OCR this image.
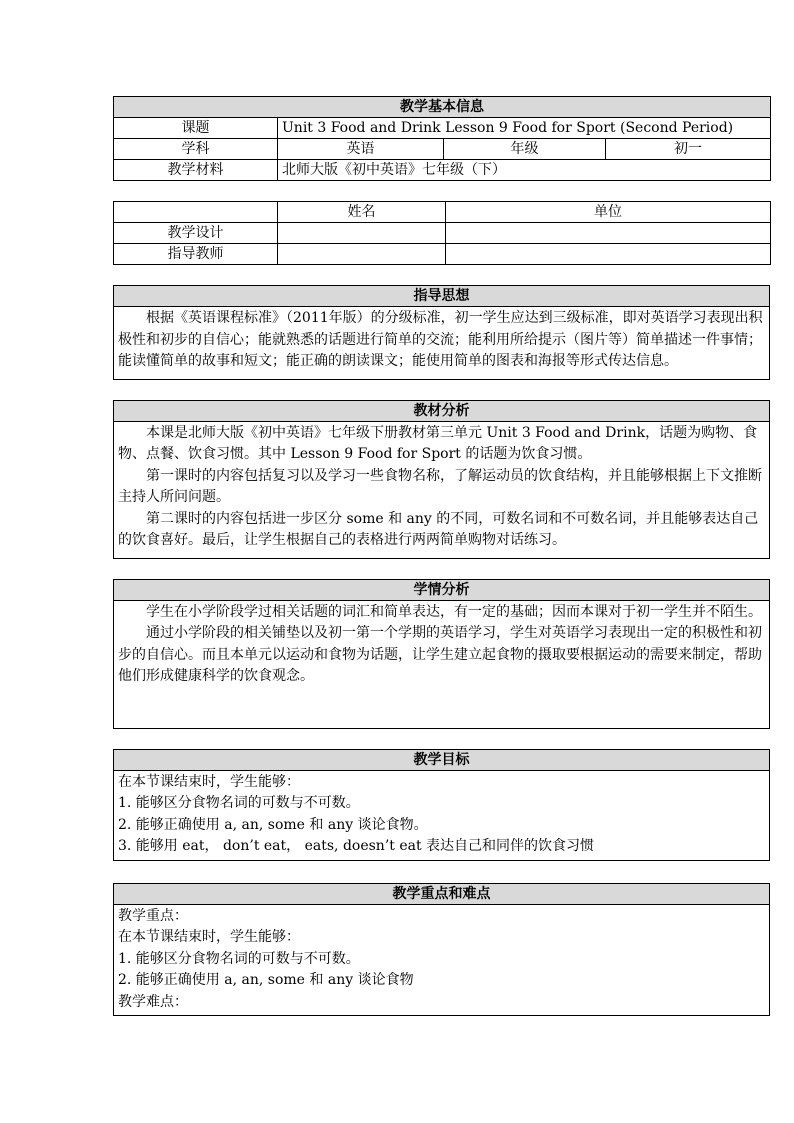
教学基本信息			
课题	Unit 3 Food and Drink Lesson 9 Food for Sport (Second Period)		
学科	英语	年级	初一
教学材料	北师大版《初中英语》七年级（下）		
	姓名	单位
教学设计		
指导教师		
指导思想

根据《英语课程标准》（2011年版）的分级标准，初一学生应达到三级标准，即对英语学习表现出积极性和初步的自信心；能就熟悉的话题进行简单的交流；能利用所给提示（图片等）简单描述一件事情；能读懂简单的故事和短文；能正确的朗读课文；能使用简单的图表和海报等形式传达信息。

教材分析

本课是北师大版《初中英语》七年级下册教材第三单元 Unit 3 Food and Drink，话题为购物、食物、点餐、饮食习惯。其中 Lesson 9 Food for Sport 的话题为饮食习惯。

第一课时的内容包括复习以及学习一些食物名称，了解运动员的饮食结构，并且能够根据上下文推断主持人所问问题。

第二课时的内容包括进一步区分 some 和 any 的不同，可数名词和不可数名词，并且能够表达自己的饮食喜好。最后，让学生根据自己的表格进行两两简单购物对话练习。

学情分析

学生在小学阶段学过相关话题的词汇和简单表达，有一定的基础；因而本课对于初一学生并不陌生。

通过小学阶段的相关铺垫以及初一第一个学期的英语学习，学生对英语学习表现出一定的积极性和初步的自信心。而且本单元以运动和食物为话题，让学生建立起食物的摄取要根据运动的需要来制定，帮助他们形成健康科学的饮食观念。

教学目标

在本节课结束时，学生能够：

1. 能够区分食物名词的可数与不可数。

2. 能够正确使用 a, an, some 和 any 谈论食物。

3. 能够用 eat， don’t eat， eats, doesn’t eat 表达自己和同伴的饮食习惯

教学重点和难点

教学重点：

在本节课结束时，学生能够：

1. 能够区分食物名词的可数与不可数。

2. 能够正确使用 a, an, some 和 any 谈论食物

教学难点：
